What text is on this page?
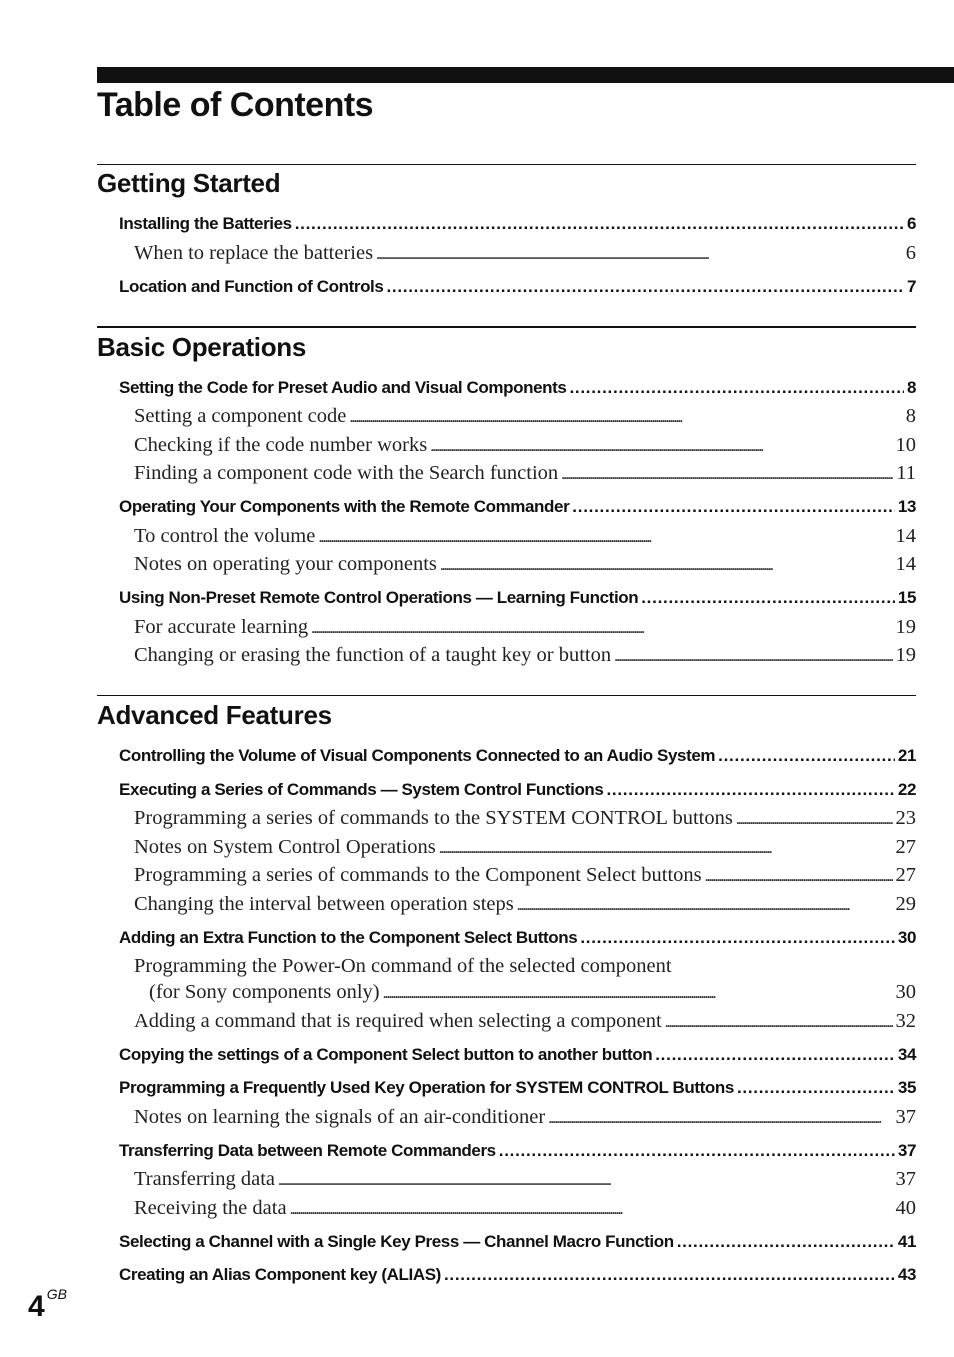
Table of Contents
Getting Started
Installing the Batteries . . .	6
When to replace the batteries . . .	6
Location and Function of Controls . . .	7
Basic Operations
Setting the Code for Preset Audio and Visual Components . . .	8
Setting a component code . . .	8
Checking if the code number works . . .	10
Finding a component code with the Search function . . .	11
Operating Your Components with the Remote Commander . . .	13
To control the volume . . .	14
Notes on operating your components . . .	14
Using Non-Preset Remote Control Operations — Learning Function . . .	15
For accurate learning . . .	19
Changing or erasing the function of a taught key or button . . .	19
Advanced Features
Controlling the Volume of Visual Components Connected to an Audio System . . .	21
Executing a Series of Commands — System Control Functions . . .	22
Programming a series of commands to the SYSTEM CONTROL buttons . . .	23
Notes on System Control Operations . . .	27
Programming a series of commands to the Component Select buttons . . .	27
Changing the interval between operation steps . . .	29
Adding an Extra Function to the Component Select Buttons . . .	30
Programming the Power-On command of the selected component
(for Sony components only) . . .	30
Adding a command that is required when selecting a component . . .	32
Copying the settings of a Component Select button to another button . . .	34
Programming a Frequently Used Key Operation for SYSTEM CONTROL Buttons . . .	35
Notes on learning the signals of an air-conditioner . . .	37
Transferring Data between Remote Commanders . . .	37
Transferring data . . .	37
Receiving the data . . .	40
Selecting a Channel with a Single Key Press — Channel Macro Function . . .	41
Creating an Alias Component key (ALIAS) . . .	43
4 $^{GB}$
